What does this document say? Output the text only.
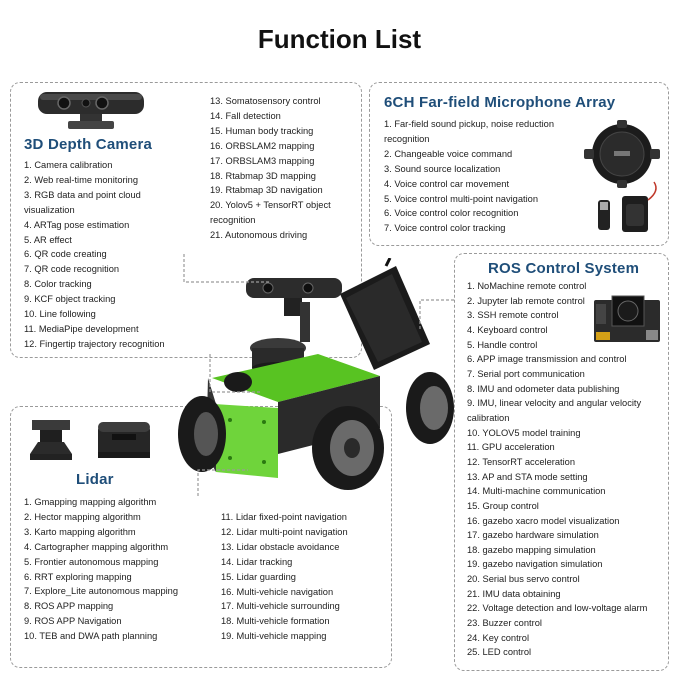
Function List
3D Depth Camera
1. Camera calibration
2. Web real-time monitoring
3. RGB data and point cloud visualization
4. ARTag pose estimation
5. AR effect
6. QR code creating
7. QR code recognition
8. Color tracking
9. KCF object tracking
10. Line following
11. MediaPipe development
12. Fingertip trajectory recognition
13. Somatosensory control
14. Fall detection
15. Human body tracking
16. ORBSLAM2 mapping
17. ORBSLAM3 mapping
18. Rtabmap 3D mapping
19. Rtabmap 3D navigation
20. Yolov5 + TensorRT object recognition
21. Autonomous driving
6CH Far-field Microphone Array
1. Far-field sound pickup, noise reduction recognition
2. Changeable voice command
3. Sound source localization
4. Voice control car movement
5. Voice control multi-point navigation
6. Voice control color recognition
7. Voice control color tracking
ROS Control System
1. NoMachine remote control
2. Jupyter lab remote control
3. SSH remote control
4. Keyboard control
5. Handle control
6. APP image transmission and control
7. Serial port communication
8. IMU and odometer data publishing
9. IMU, linear velocity and angular velocity calibration
10. YOLOV5 model training
11. GPU acceleration
12. TensorRT acceleration
13. AP and STA mode setting
14. Multi-machine communication
15. Group control
16. gazebo xacro model visualization
17. gazebo hardware simulation
18. gazebo mapping simulation
19. gazebo navigation simulation
20. Serial bus servo control
21. IMU data obtaining
22. Voltage detection and low-voltage alarm
23. Buzzer control
24. Key control
25. LED control
Lidar
1. Gmapping mapping algorithm
2. Hector mapping algorithm
3. Karto mapping algorithm
4. Cartographer mapping algorithm
5. Frontier autonomous mapping
6. RRT exploring mapping
7. Explore_Lite autonomous mapping
8. ROS APP mapping
9. ROS APP Navigation
10. TEB and DWA path planning
11. Lidar fixed-point navigation
12. Lidar multi-point navigation
13. Lidar obstacle avoidance
14. Lidar tracking
15. Lidar guarding
16. Multi-vehicle navigation
17. Multi-vehicle surrounding
18. Multi-vehicle formation
19. Multi-vehicle mapping
